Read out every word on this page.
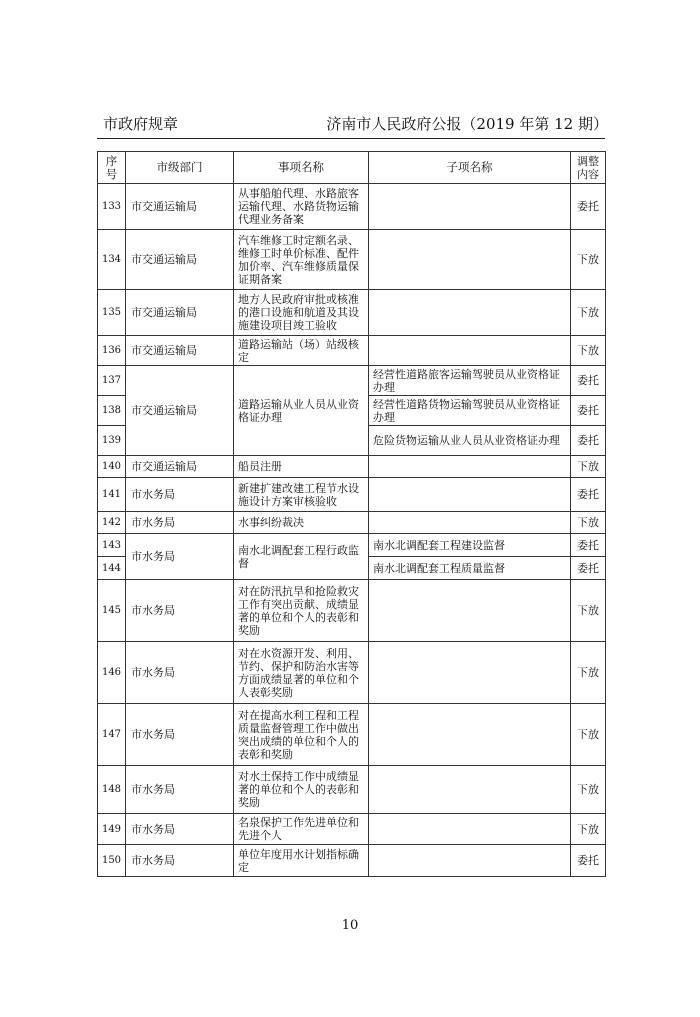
市政府规章	济南市人民政府公报（2019 年第 12 期）
序号	市级部门	事项名称	子项名称	调整
内容
133	市交通运输局	从事船舶代理、水路旅客运输代理、水路货物运输代理业务备案		委托
134	市交通运输局	汽车维修工时定额名录、维修工时单价标准、配件加价率、汽车维修质量保证期备案		下放
135	市交通运输局	地方人民政府审批或核准的港口设施和航道及其设施建设项目竣工验收		下放
136	市交通运输局	道路运输站（场）站级核定		下放
137	市交通运输局	道路运输从业人员从业资格证办理	经营性道路旅客运输驾驶员从业资格证办理	委托
138			经营性道路货物运输驾驶员从业资格证办理	委托
139			危险货物运输从业人员从业资格证办理	委托
140	市交通运输局	船员注册		下放
141	市水务局	新建扩建改建工程节水设施设计方案审核验收		委托
142	市水务局	水事纠纷裁决		下放
143	市水务局	南水北调配套工程行政监督	南水北调配套工程建设监督	委托
144			南水北调配套工程质量监督	委托
145	市水务局	对在防汛抗旱和抢险救灾工作有突出贡献、成绩显著的单位和个人的表彰和奖励		下放
146	市水务局	对在水资源开发、利用、节约、保护和防治水害等方面成绩显著的单位和个人表彰奖励		下放
147	市水务局	对在提高水利工程和工程质量监督管理工作中做出突出成绩的单位和个人的表彰和奖励		下放
148	市水务局	对水土保持工作中成绩显著的单位和个人的表彰和奖励		下放
149	市水务局	名泉保护工作先进单位和先进个人		下放
150	市水务局	单位年度用水计划指标确定		委托
10
